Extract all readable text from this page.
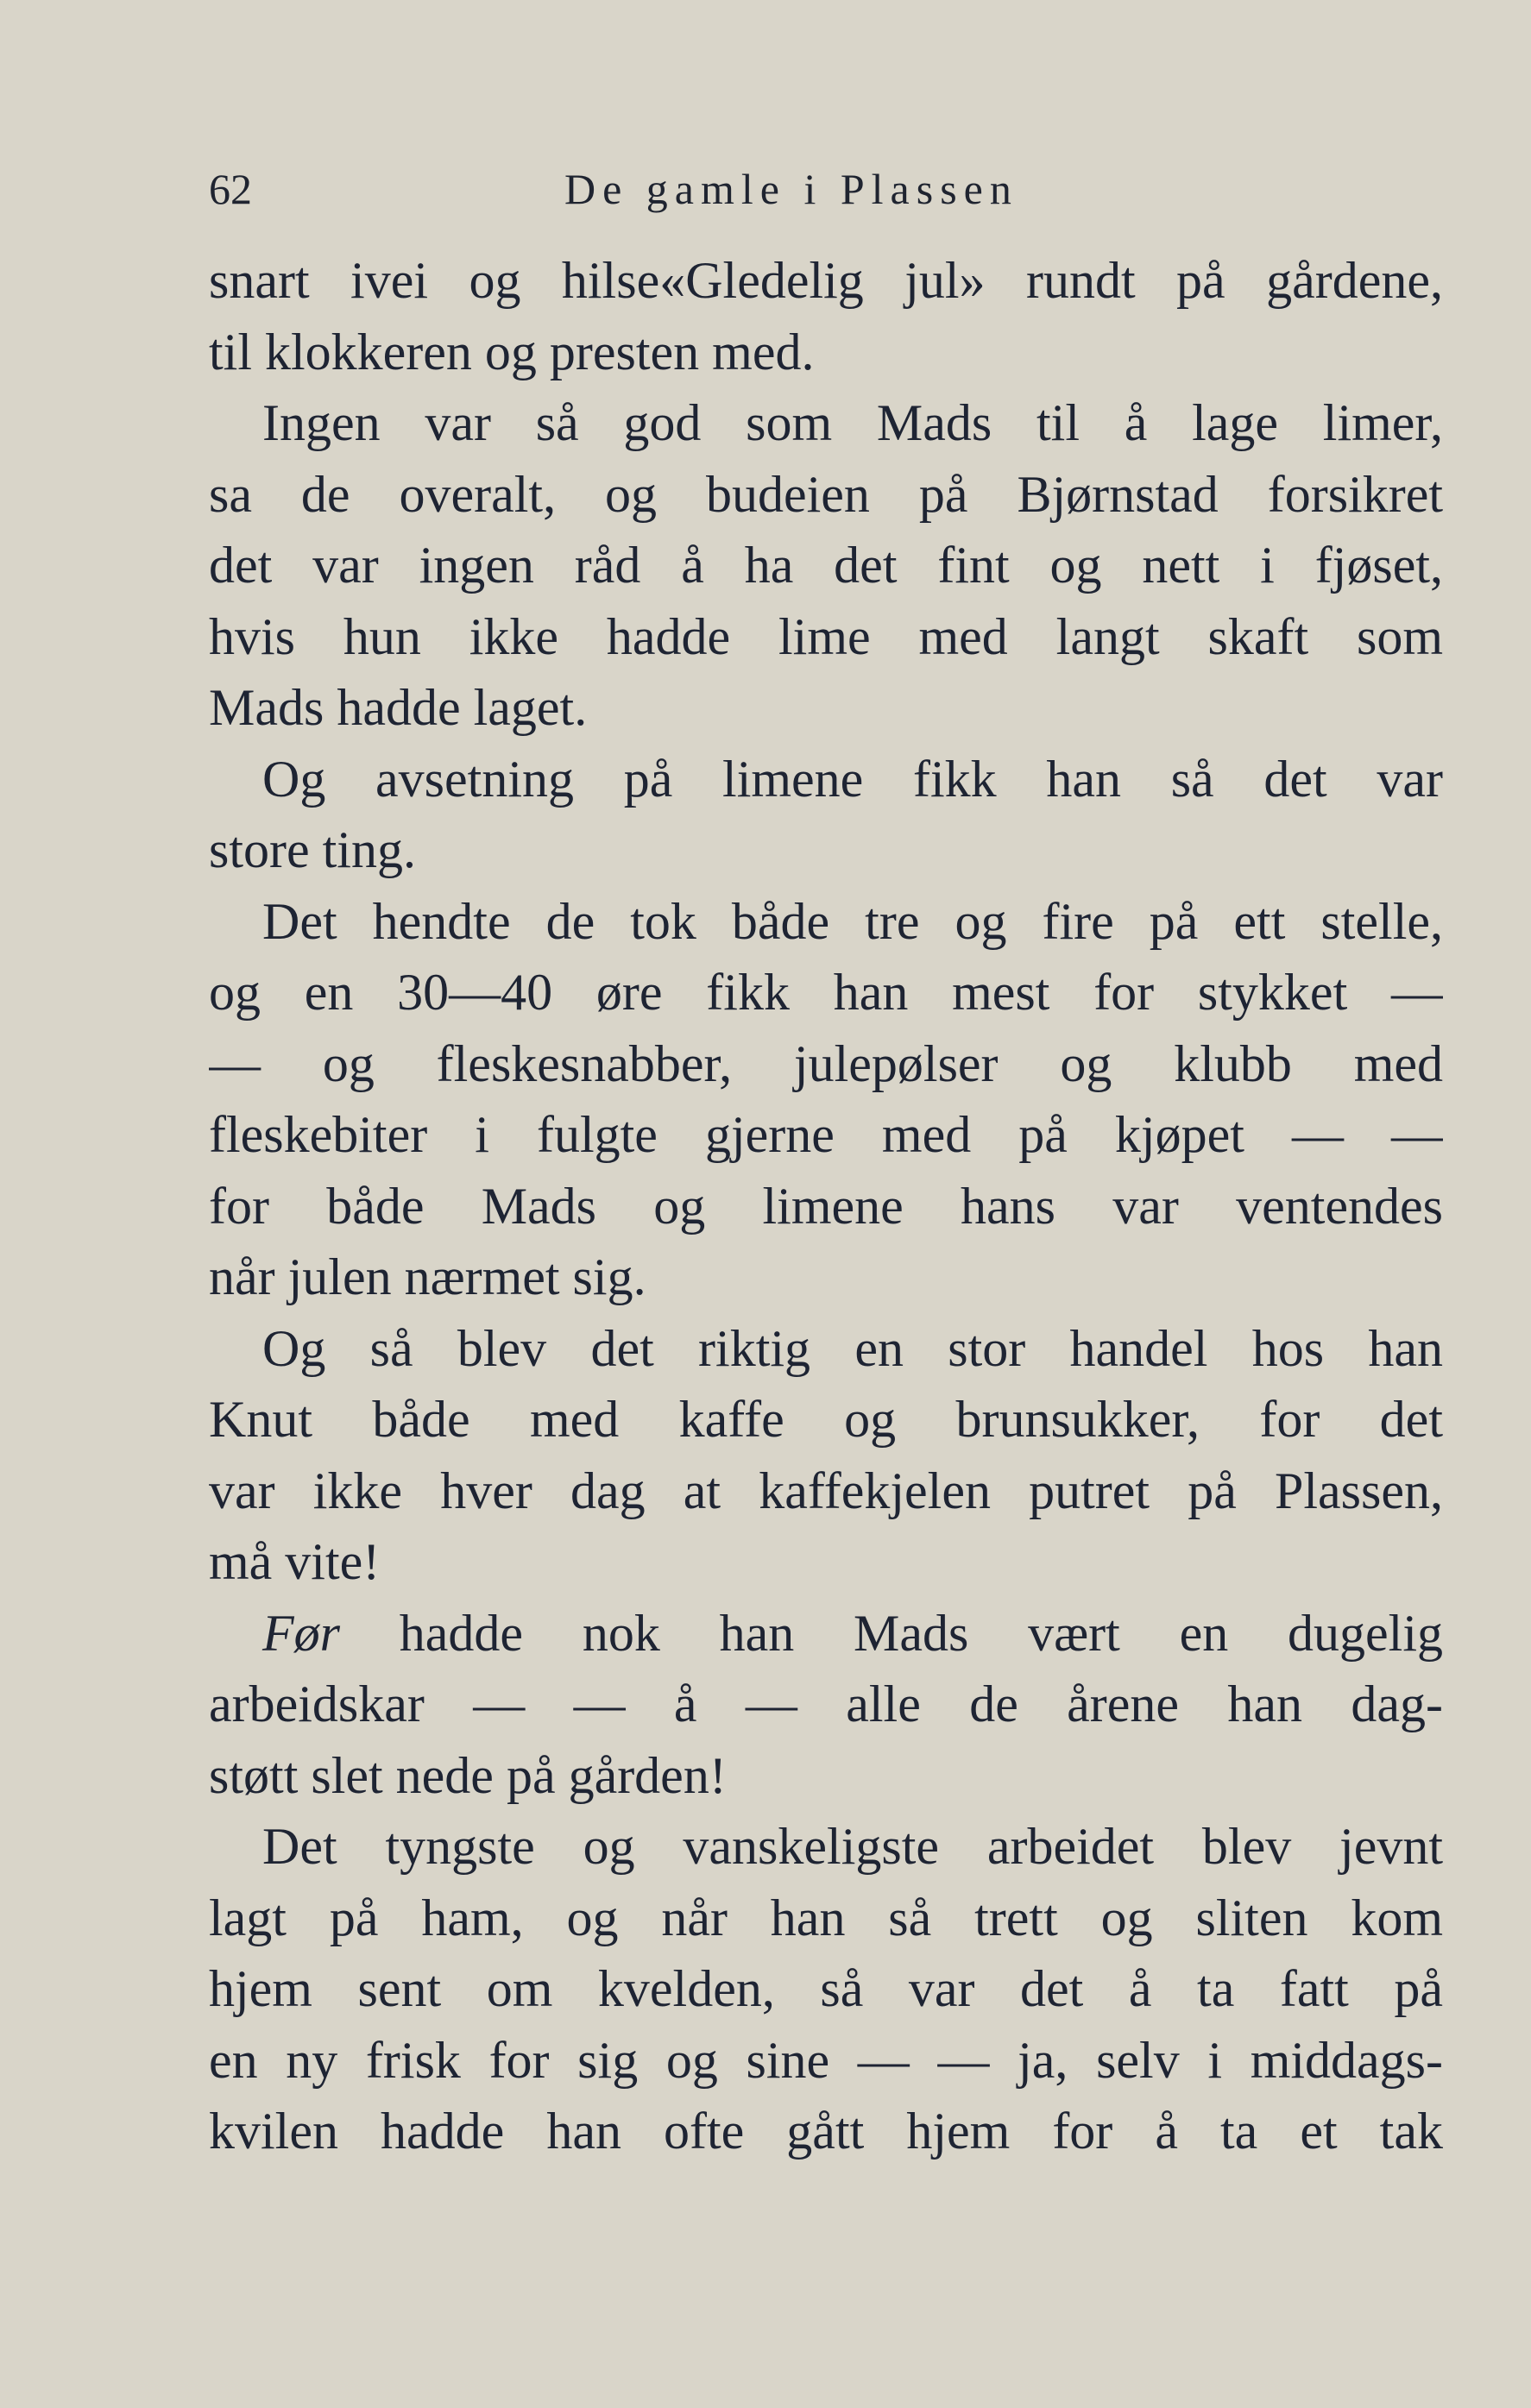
62	De gamle i Plassen
snart ivei og hilse«Gledelig jul» rundt på gårdene,
til klokkeren og presten med.
Ingen var så god som Mads til å lage limer,
sa de overalt, og budeien på Bjørnstad forsikret
det var ingen råd å ha det fint og nett i fjøset,
hvis hun ikke hadde lime med langt skaft som
Mads hadde laget.
Og avsetning på limene fikk han så det var
store ting.
Det hendte de tok både tre og fire på ett stelle,
og en 30—40 øre fikk han mest for stykket —
— og fleskesnabber, julepølser og klubb med
fleskebiter i fulgte gjerne med på kjøpet — —
for både Mads og limene hans var ventendes
når julen nærmet sig.
Og så blev det riktig en stor handel hos han
Knut både med kaffe og brunsukker, for det
var ikke hver dag at kaffekjelen putret på Plassen,
må vite!
Før hadde nok han Mads vært en dugelig
arbeidskar — — å — alle de årene han dag-
støtt slet nede på gården!
Det tyngste og vanskeligste arbeidet blev jevnt
lagt på ham, og når han så trett og sliten kom
hjem sent om kvelden, så var det å ta fatt på
en ny frisk for sig og sine — — ja, selv i middags-
kvilen hadde han ofte gått hjem for å ta et tak
